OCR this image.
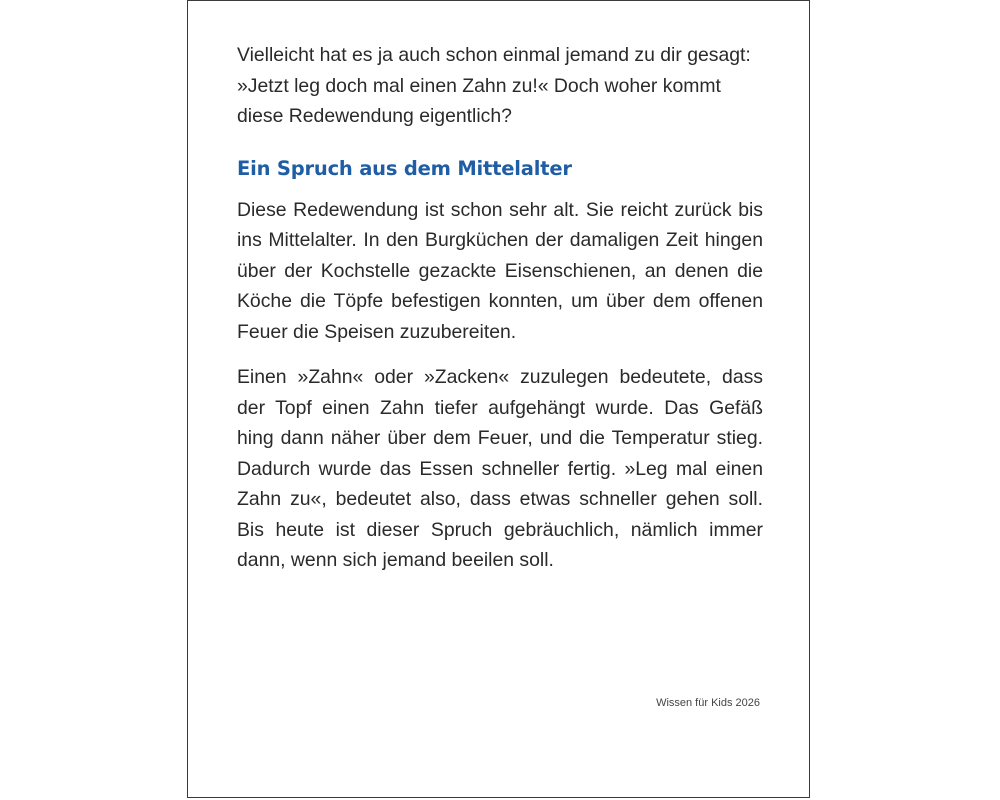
Vielleicht hat es ja auch schon einmal jemand zu dir gesagt: »Jetzt leg doch mal einen Zahn zu!« Doch woher kommt diese Redewendung eigentlich?

Ein Spruch aus dem Mittelalter

Diese Redewendung ist schon sehr alt. Sie reicht zurück bis ins Mittelalter. In den Burgküchen der damaligen Zeit hingen über der Kochstelle gezackte Eisenschienen, an denen die Köche die Töpfe befestigen konnten, um über dem offenen Feuer die Speisen zuzubereiten.

Einen »Zahn« oder »Zacken« zuzulegen bedeutete, dass der Topf einen Zahn tiefer aufgehängt wurde. Das Gefäß hing dann näher über dem Feuer, und die Temperatur stieg. Dadurch wurde das Essen schneller fertig. »Leg mal einen Zahn zu«, bedeutet also, dass etwas schneller gehen soll. Bis heute ist dieser Spruch gebräuchlich, nämlich immer dann, wenn sich jemand beeilen soll.

Wissen für Kids 2026
